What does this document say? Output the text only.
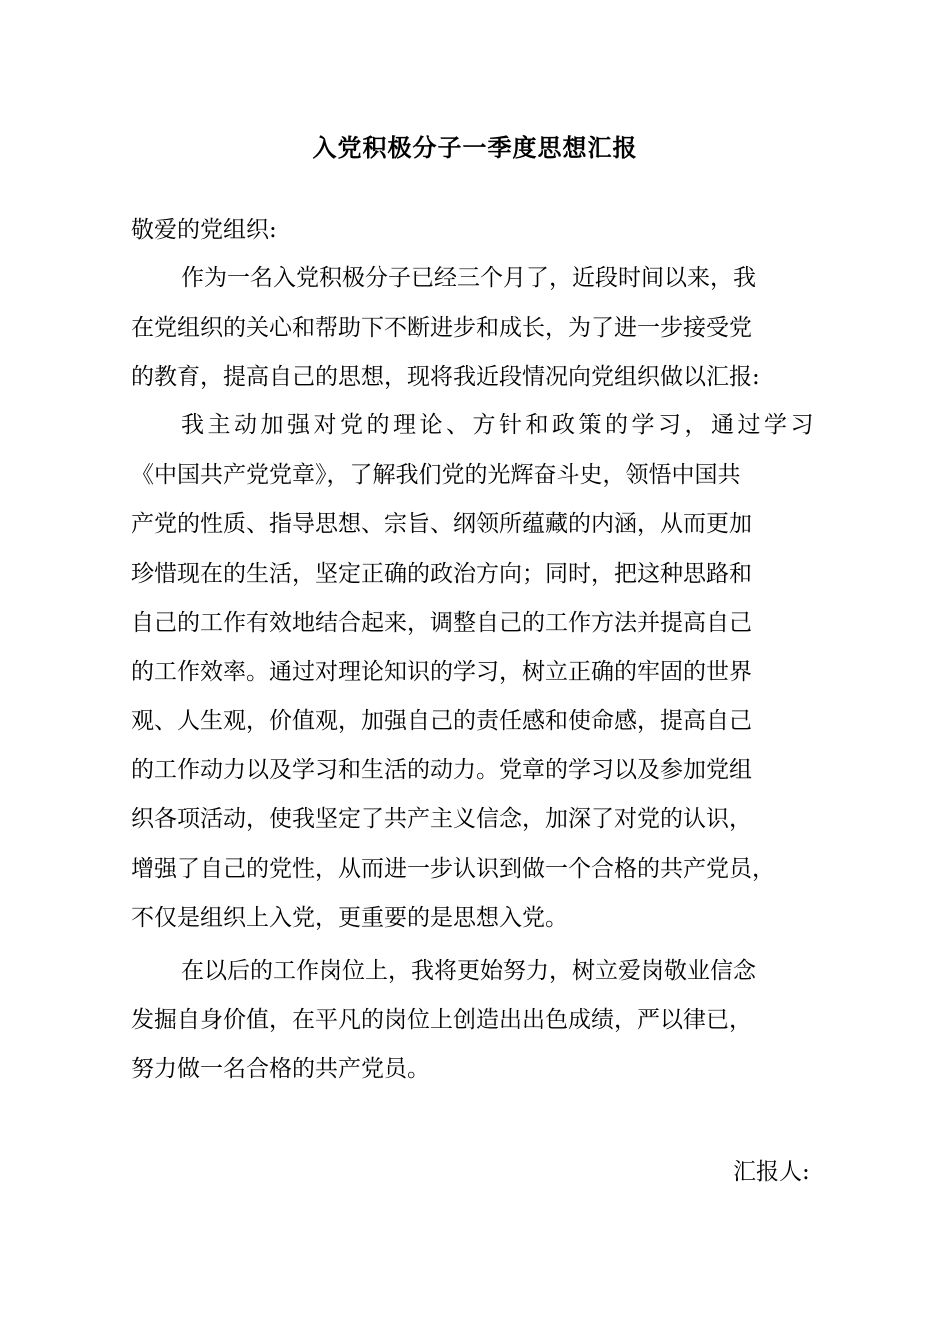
入党积极分子一季度思想汇报

敬爱的党组织:

作为一名入党积极分子已经三个月了，近段时间以来，我

在党组织的关心和帮助下不断进步和成长，为了进一步接受党

的教育，提高自己的思想，现将我近段情况向党组织做以汇报:

我主动加强对党的理论、方针和政策的学习，通过学习

《中国共产党党章》，了解我们党的光辉奋斗史，领悟中国共

产党的性质、指导思想、宗旨、纲领所蕴藏的内涵，从而更加

珍惜现在的生活，坚定正确的政治方向；同时，把这种思路和

自己的工作有效地结合起来，调整自己的工作方法并提高自己

的工作效率。通过对理论知识的学习，树立正确的牢固的世界

观、人生观，价值观，加强自己的责任感和使命感，提高自己

的工作动力以及学习和生活的动力。党章的学习以及参加党组

织各项活动，使我坚定了共产主义信念，加深了对党的认识，

增强了自己的党性，从而进一步认识到做一个合格的共产党员，

不仅是组织上入党，更重要的是思想入党。

在以后的工作岗位上，我将更始努力，树立爱岗敬业信念

发掘自身价值，在平凡的岗位上创造出出色成绩，严以律已，

努力做一名合格的共产党员。

汇报人:
